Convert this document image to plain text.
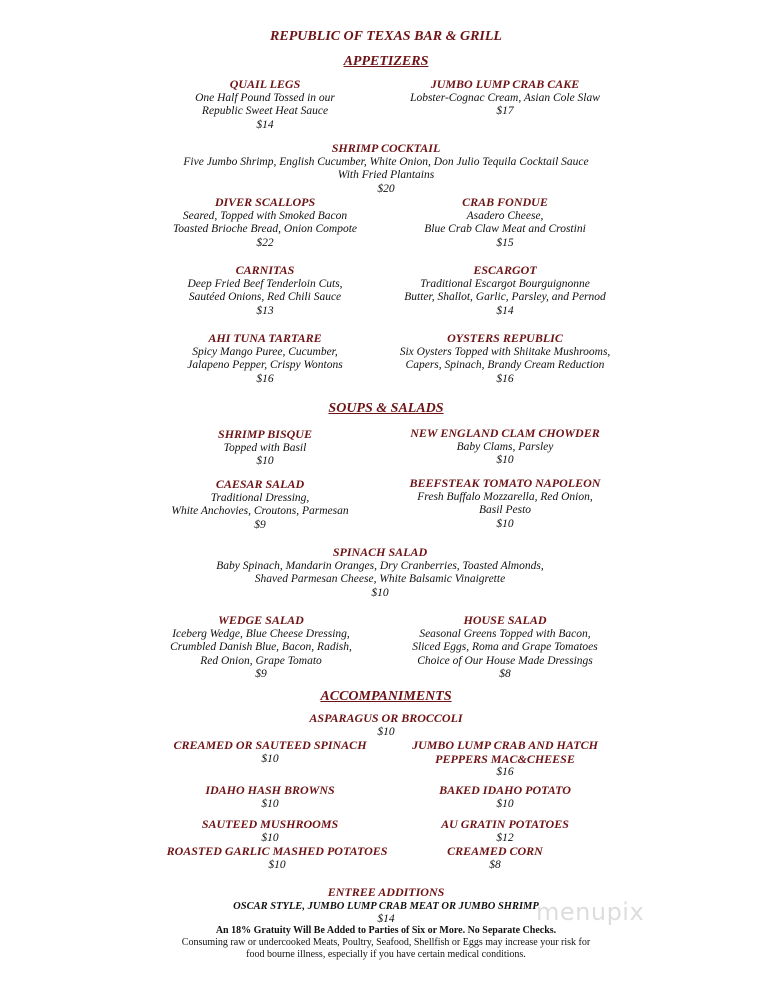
REPUBLIC OF TEXAS BAR & GRILL
APPETIZERS
QUAIL LEGS
One Half Pound Tossed in our
Republic Sweet Heat Sauce
$14
JUMBO LUMP CRAB CAKE
Lobster-Cognac Cream, Asian Cole Slaw
$17
SHRIMP COCKTAIL
Five Jumbo Shrimp, English Cucumber, White Onion, Don Julio Tequila Cocktail Sauce
With Fried Plantains
$20
DIVER SCALLOPS
Seared, Topped with Smoked Bacon
Toasted Brioche Bread, Onion Compote
$22
CRAB FONDUE
Asadero Cheese,
Blue Crab Claw Meat and Crostini
$15
CARNITAS
Deep Fried Beef Tenderloin Cuts,
Sautéed Onions, Red Chili Sauce
$13
ESCARGOT
Traditional Escargot Bourguignonne
Butter, Shallot, Garlic, Parsley, and Pernod
$14
AHI TUNA TARTARE
Spicy Mango Puree, Cucumber,
Jalapeno Pepper, Crispy Wontons
$16
OYSTERS REPUBLIC
Six Oysters Topped with Shiitake Mushrooms,
Capers, Spinach, Brandy Cream Reduction
$16
SOUPS & SALADS
SHRIMP BISQUE
Topped with Basil
$10
NEW ENGLAND CLAM CHOWDER
Baby Clams, Parsley
$10
CAESAR SALAD
Traditional Dressing,
White Anchovies, Croutons, Parmesan
$9
BEEFSTEAK TOMATO NAPOLEON
Fresh Buffalo Mozzarella, Red Onion,
Basil Pesto
$10
SPINACH SALAD
Baby Spinach, Mandarin Oranges, Dry Cranberries, Toasted Almonds,
Shaved Parmesan Cheese, White Balsamic Vinaigrette
$10
WEDGE SALAD
Iceberg Wedge, Blue Cheese Dressing,
Crumbled Danish Blue, Bacon, Radish,
Red Onion, Grape Tomato
$9
HOUSE SALAD
Seasonal Greens Topped with Bacon,
Sliced Eggs, Roma and Grape Tomatoes
Choice of Our House Made Dressings
$8
ACCOMPANIMENTS
ASPARAGUS OR BROCCOLI
$10
CREAMED OR SAUTEED SPINACH
$10
JUMBO LUMP CRAB AND HATCH
PEPPERS MAC&CHEESE
$16
IDAHO HASH BROWNS
$10
BAKED IDAHO POTATO
$10
SAUTEED MUSHROOMS
$10
AU GRATIN POTATOES
$12
ROASTED GARLIC MASHED POTATOES
$10
CREAMED CORN
$8
ENTREE ADDITIONS
OSCAR STYLE, JUMBO LUMP CRAB MEAT OR JUMBO SHRIMP
$14
An 18% Gratuity Will Be Added to Parties of Six or More. No Separate Checks.
Consuming raw or undercooked Meats, Poultry, Seafood, Shellfish or Eggs may increase your risk for
food bourne illness, especially if you have certain medical conditions.
menupix
